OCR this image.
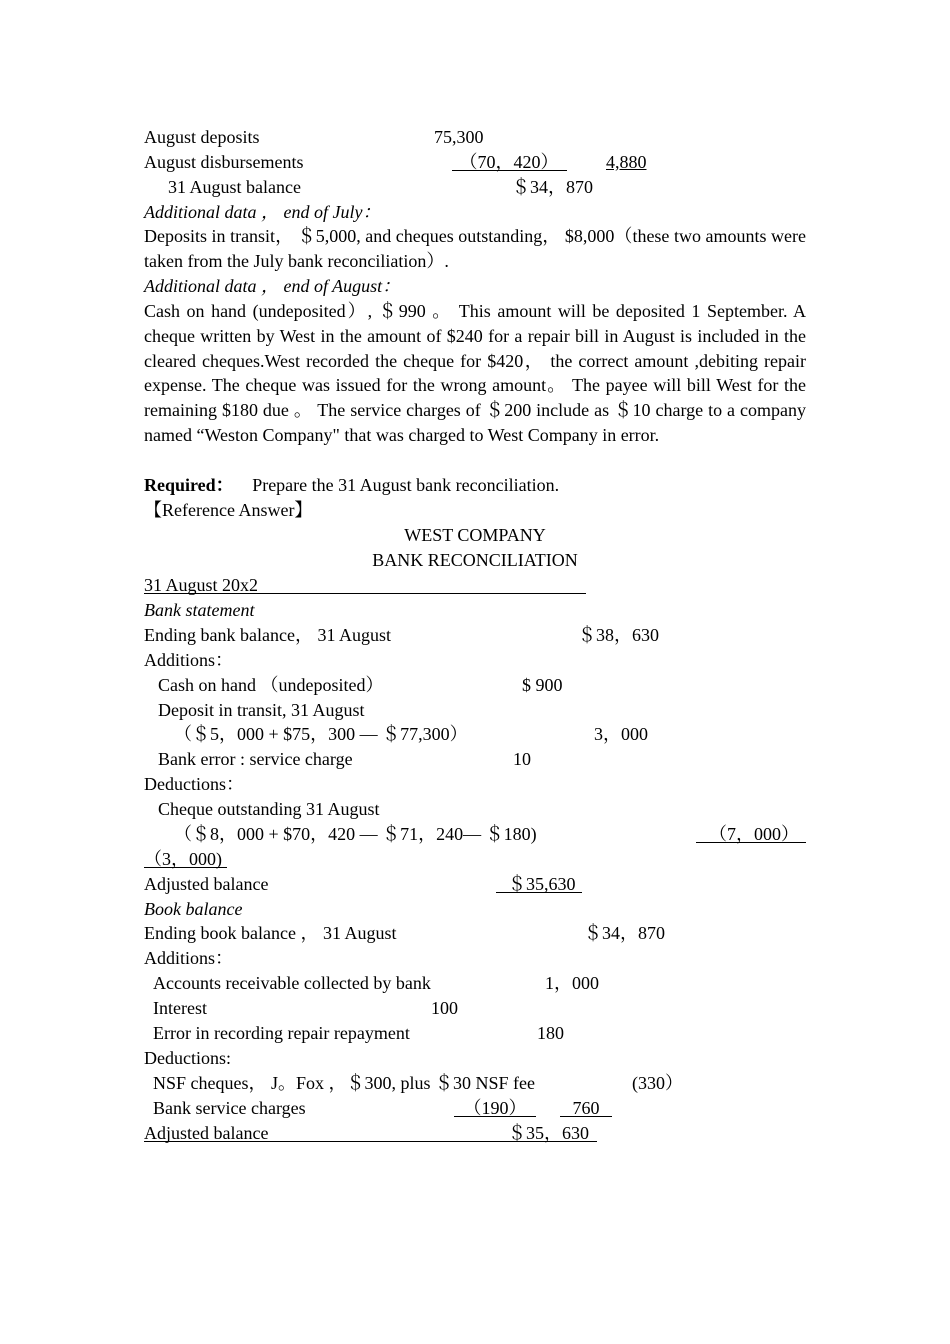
August deposits	75,300
August disbursements	（70，420）	4,880
31 August balance	＄34，870
Additional data ， end of July：
Deposits in transit， ＄5,000, and cheques outstanding， $8,000（these two amounts were taken from the July bank reconciliation）.
Additional data ， end of August：
Cash on hand (undeposited）, ＄990 。 This amount will be deposited 1 September. A cheque written by West in the amount of $240 for a repair bill in August is included in the cleared cheques.West recorded the cheque for $420， the correct amount ,debiting repair expense. The cheque was issued for the wrong amount。 The payee will bill West for the remaining $180 due 。 The service charges of ＄200 include as ＄10 charge to a company named “Weston Company" that was charged to West Company in error.
Required： Prepare the 31 August bank reconciliation.
【Reference Answer】
WEST COMPANY
BANK RECONCILIATION
31 August 20x2
Bank statement
Ending bank balance， 31 August	＄38，630
Additions：
Cash on hand （undeposited）	$ 900
Deposit in transit, 31 August
（＄5，000 + $75，300 — ＄77,300）	3，000
Bank error : service charge	10
Deductions：
Cheque outstanding 31 August
（＄8，000 + $70，420 — ＄71，240— ＄180)	（7，000）
（3，000)
Adjusted balance	＄35,630
Book balance
Ending book balance ， 31 August	＄34，870
Additions：
Accounts receivable collected by bank	1，000
Interest	100
Error in recording repair repayment	180
Deductions:
NSF cheques， J。Fox ，＄300, plus ＄30 NSF fee	(330）
Bank service charges	（190）	760
Adjusted balance	＄35，630
